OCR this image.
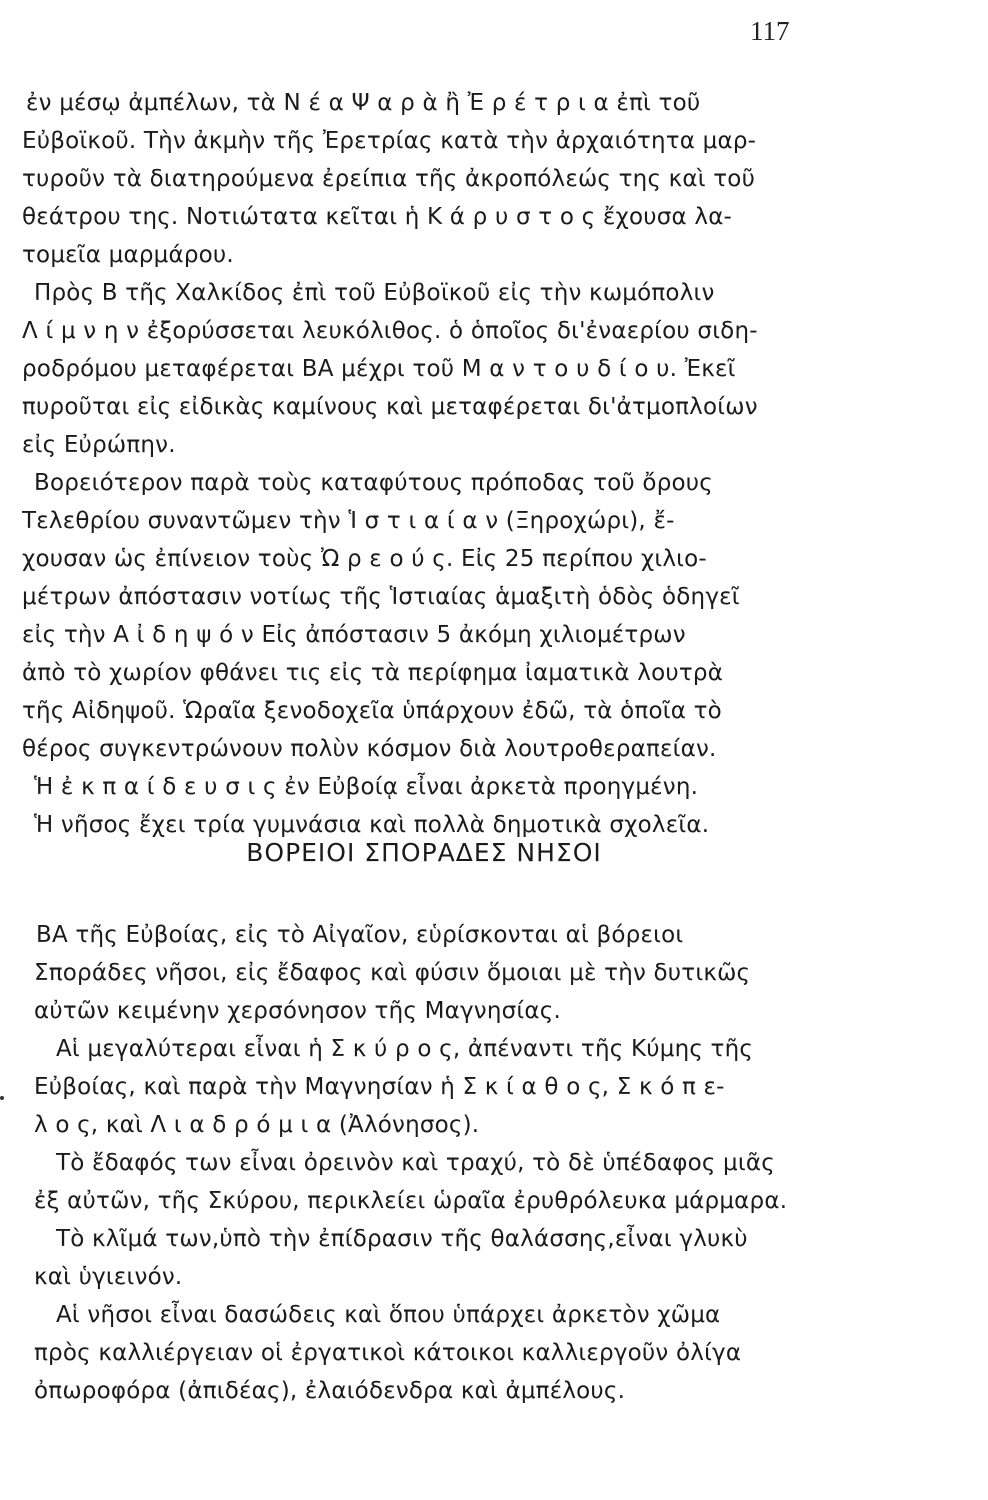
117
ἐν μέσῳ ἀμπέλων, τὰ Ν έ α Ψ α ρ ὰ ἢ Ἐ ρ έ τ ρ ι α ἐπὶ τοῦ
Εὐβοϊκοῦ. Τὴν ἀκμὴν τῆς Ἐρετρίας κατὰ τὴν ἀρχαιότητα μαρ-
τυροῦν τὰ διατηρούμενα ἐρείπια τῆς ἀκροπόλεώς της καὶ τοῦ
θεάτρου της. Νοτιώτατα κεῖται ἡ Κ ά ρ υ σ τ ο ς ἔχουσα λα-
τομεῖα μαρμάρου.
Πρὸς Β τῆς Χαλκίδος ἐπὶ τοῦ Εὐβοϊκοῦ εἰς τὴν κωμόπολιν
Λ ί μ ν η ν ἐξορύσσεται λευκόλιθος. ὁ ὁποῖος δι'ἐναερίου σιδη-
ροδρόμου μεταφέρεται ΒΑ μέχρι τοῦ Μ α ν τ ο υ δ ί ο υ. Ἐκεῖ
πυροῦται εἰς εἰδικὰς καμίνους καὶ μεταφέρεται δι'ἀτμοπλοίων
εἰς Εὐρώπην.
Βορειότερον παρὰ τοὺς καταφύτους πρόποδας τοῦ ὄρους
Τελεθρίου συναντῶμεν τὴν Ἱ σ τ ι α ί α ν (Ξηροχώρι), ἔ-
χουσαν ὡς ἐπίνειον τοὺς Ὠ ρ ε ο ύ ς. Εἰς 25 περίπου χιλιο-
μέτρων ἀπόστασιν νοτίως τῆς Ἱστιαίας ἁμαξιτὴ ὁδὸς ὁδηγεῖ
εἰς τὴν Α ἰ δ η ψ ό ν Εἰς ἀπόστασιν 5 ἀκόμη χιλιομέτρων
ἀπὸ τὸ χωρίον φθάνει τις εἰς τὰ περίφημα ἰαματικὰ λουτρὰ
τῆς Αἰδηψοῦ. Ὡραῖα ξενοδοχεῖα ὑπάρχουν ἐδῶ, τὰ ὁποῖα τὸ
θέρος συγκεντρώνουν πολὺν κόσμον διὰ λουτροθεραπείαν.
Ἡ ἐ κ π α ί δ ε υ σ ι ς ἐν Εὐβοίᾳ εἶναι ἀρκετὰ προηγμένη.
Ἡ νῆσος ἔχει τρία γυμνάσια καὶ πολλὰ δημοτικὰ σχολεῖα.
ΒΟΡΕΙΟΙ ΣΠΟΡΑΔΕΣ ΝΗΣΟΙ
ΒΑ τῆς Εὐβοίας, εἰς τὸ Αἰγαῖον, εὑρίσκονται αἱ βόρειοι
Σποράδες νῆσοι, εἰς ἔδαφος καὶ φύσιν ὅμοιαι μὲ τὴν δυτικῶς
αὐτῶν κειμένην χερσόνησον τῆς Μαγνησίας.
Αἱ μεγαλύτεραι εἶναι ἡ Σ κ ύ ρ ο ς, ἀπέναντι τῆς Κύμης τῆς
Εὐβοίας, καὶ παρὰ τὴν Μαγνησίαν ἡ Σ κ ί α θ ο ς, Σ κ ό π ε-
λ ο ς, καὶ Λ ι α δ ρ ό μ ι α (Ἀλόνησος).
Τὸ ἔδαφός των εἶναι ὀρεινὸν καὶ τραχύ, τὸ δὲ ὑπέδαφος μιᾶς
ἐξ αὐτῶν, τῆς Σκύρου, περικλείει ὡραῖα ἐρυθρόλευκα μάρμαρα.
Τὸ κλῖμά των,ὑπὸ τὴν ἐπίδρασιν τῆς θαλάσσης,εἶναι γλυκὺ
καὶ ὑγιεινόν.
Αἱ νῆσοι εἶναι δασώδεις καὶ ὅπου ὑπάρχει ἀρκετὸν χῶμα
πρὸς καλλιέργειαν οἱ ἐργατικοὶ κάτοικοι καλλιεργοῦν ὀλίγα
ὀπωροφόρα (ἀπιδέας), ἐλαιόδενδρα καὶ ἀμπέλους.
